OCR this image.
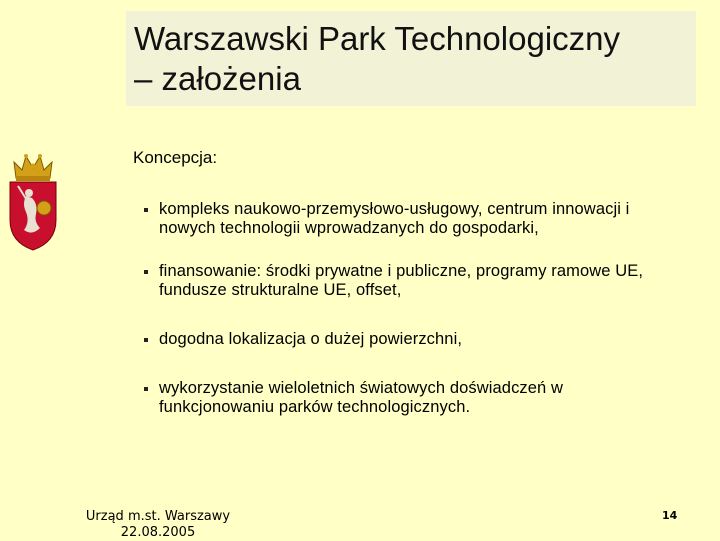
Warszawski Park Technologiczny
– założenia
Koncepcja:
kompleks naukowo-przemysłowo-usługowy, centrum innowacji i nowych technologii wprowadzanych do gospodarki,
finansowanie: środki prywatne i publiczne, programy ramowe UE, fundusze strukturalne UE, offset,
dogodna lokalizacja o dużej powierzchni,
wykorzystanie wieloletnich światowych doświadczeń w funkcjonowaniu parków technologicznych.
Urząd m.st. Warszawy
22.08.2005
14
